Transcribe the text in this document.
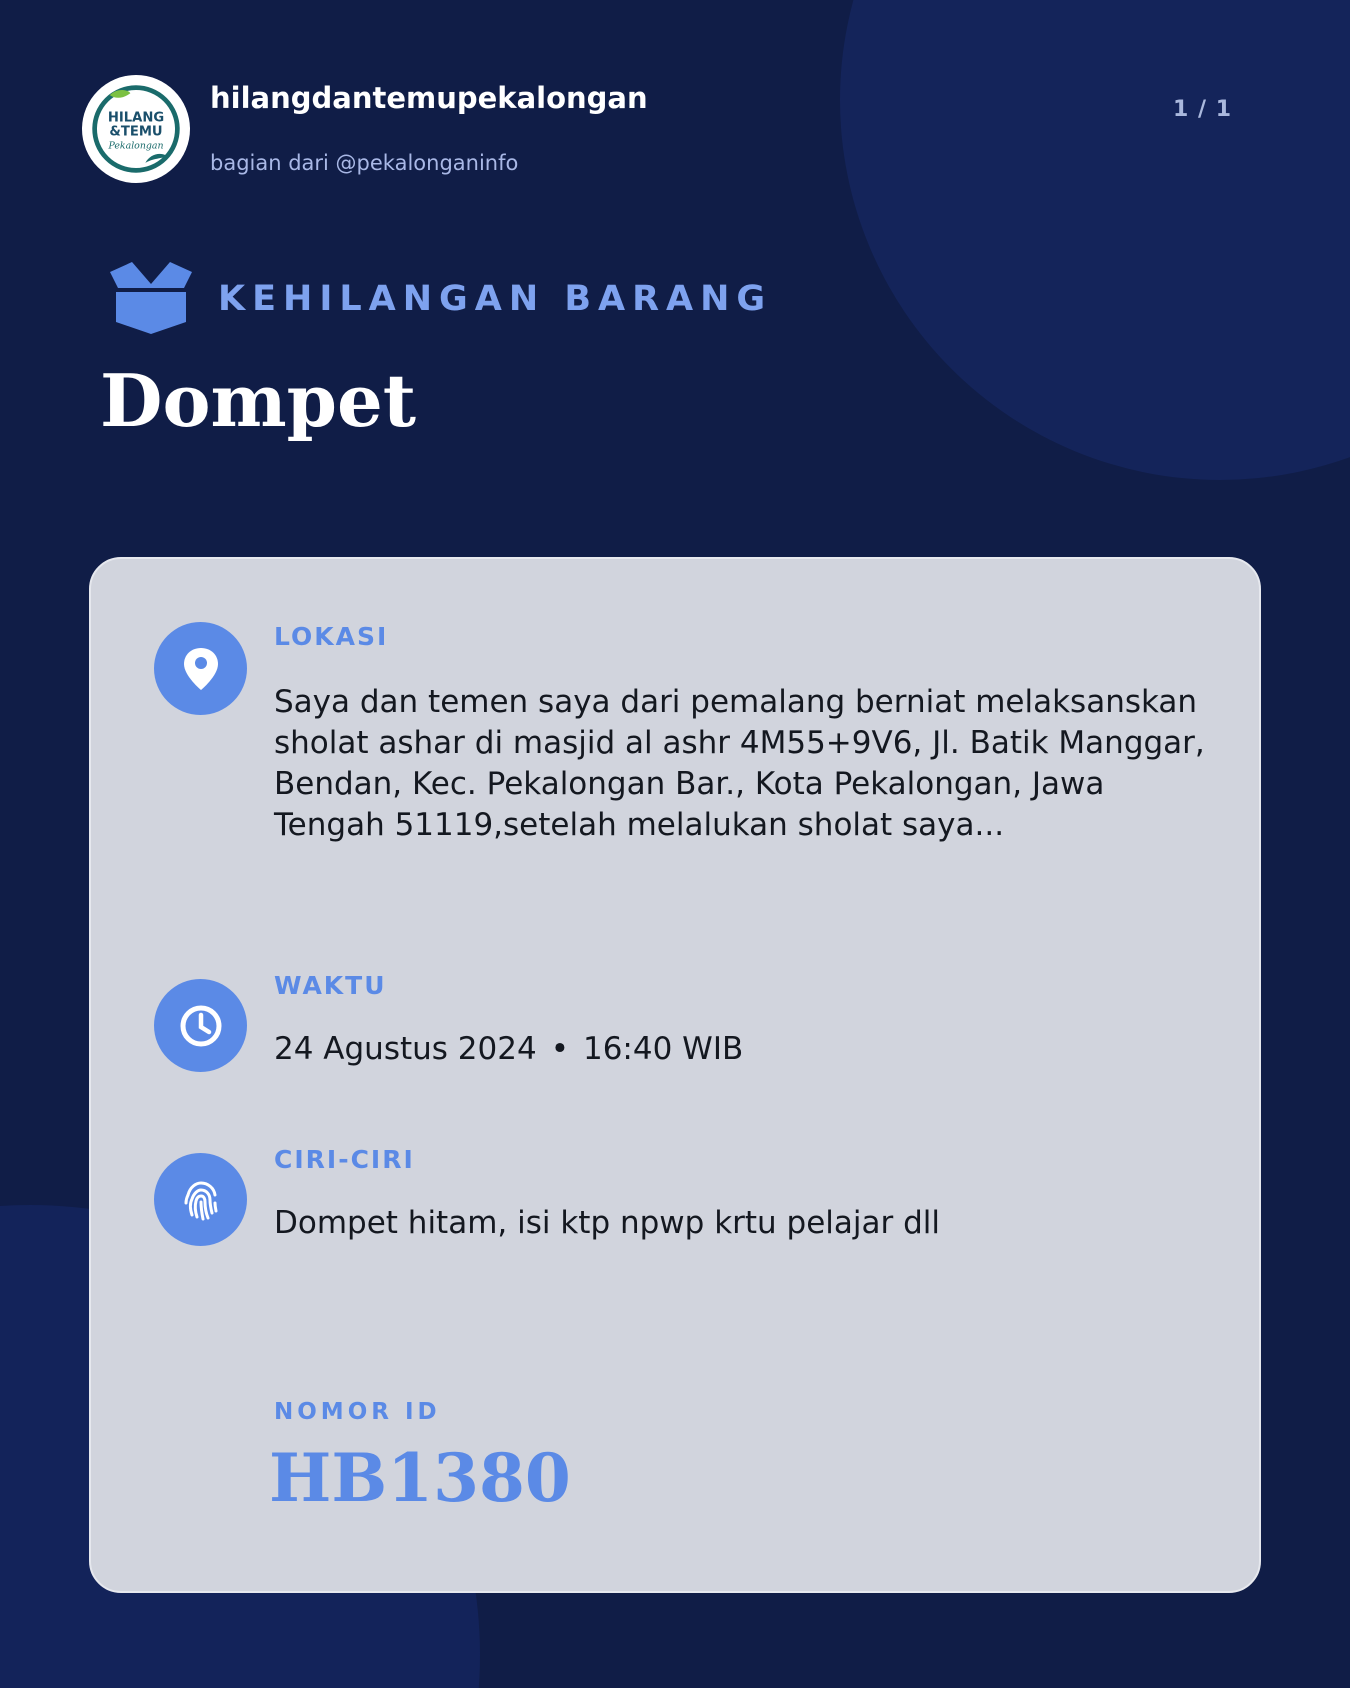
HILANG
&TEMU
Pekalongan
hilangdantemupekalongan
bagian dari @pekalonganinfo
1 / 1
KEHILANGAN BARANG
Dompet
LOKASI
Saya dan temen saya dari pemalang berniat melaksanskan sholat ashar di masjid al ashr 4M55+9V6, Jl. Batik Manggar, Bendan, Kec. Pekalongan Bar., Kota Pekalongan, Jawa Tengah 51119,setelah melalukan sholat saya...
WAKTU
24 Agustus 2024 • 16:40 WIB
CIRI-CIRI
Dompet hitam, isi ktp npwp krtu pelajar dll
NOMOR ID
HB1380
